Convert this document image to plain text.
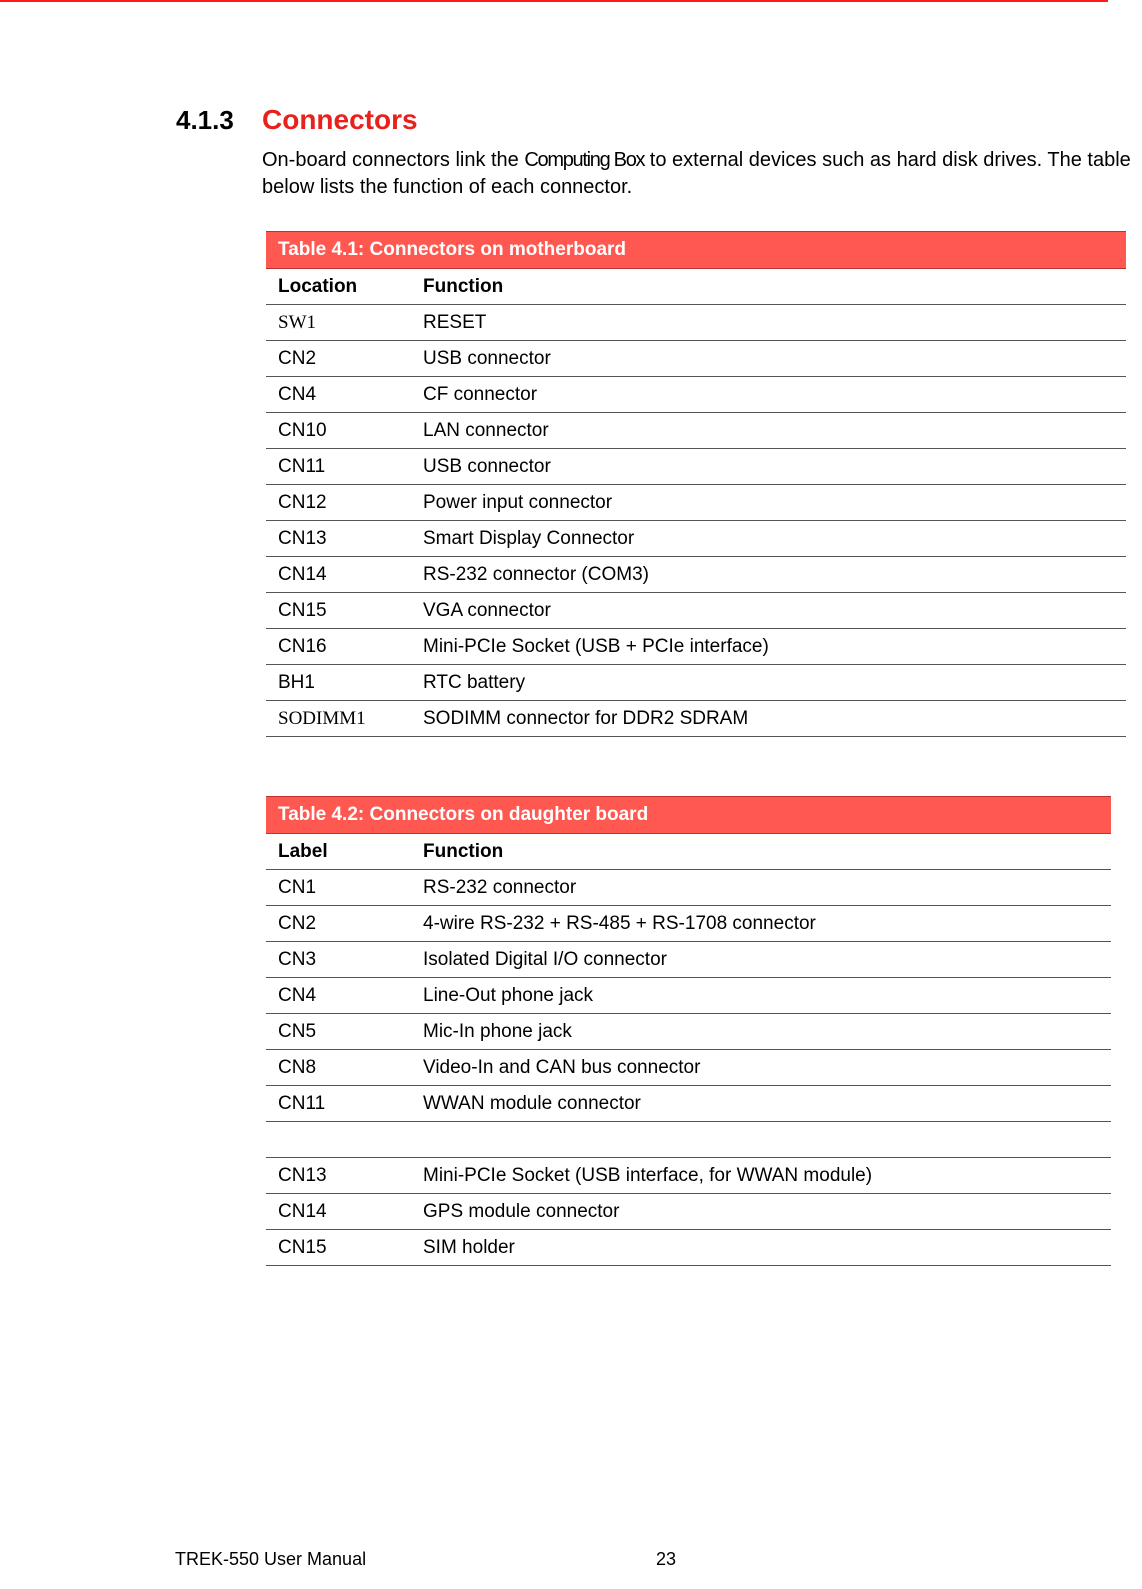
4.1.3	Connectors

On-board connectors link the Computing Box to external devices such as hard disk drives. The table below lists the function of each connector.

Table 4.1: Connectors on motherboard	
Location	Function
SW1	RESET
CN2	USB connector
CN4	CF connector
CN10	LAN connector
CN11	USB connector
CN12	Power input connector
CN13	Smart Display Connector
CN14	RS-232 connector (COM3)
CN15	VGA connector
CN16	Mini-PCIe Socket (USB + PCIe interface)
BH1	RTC battery
SODIMM1	SODIMM connector for DDR2 SDRAM
Table 4.2: Connectors on daughter board	
Label	Function
CN1	RS-232 connector
CN2	4-wire RS-232 + RS-485 + RS-1708 connector
CN3	Isolated Digital I/O connector
CN4	Line-Out phone jack
CN5	Mic-In phone jack
CN8	Video-In and CAN bus connector
CN11	WWAN module connector

CN13	Mini-PCIe Socket (USB interface, for WWAN module)
CN14	GPS module connector
CN15	SIM holder
TREK-550 User Manual	23
